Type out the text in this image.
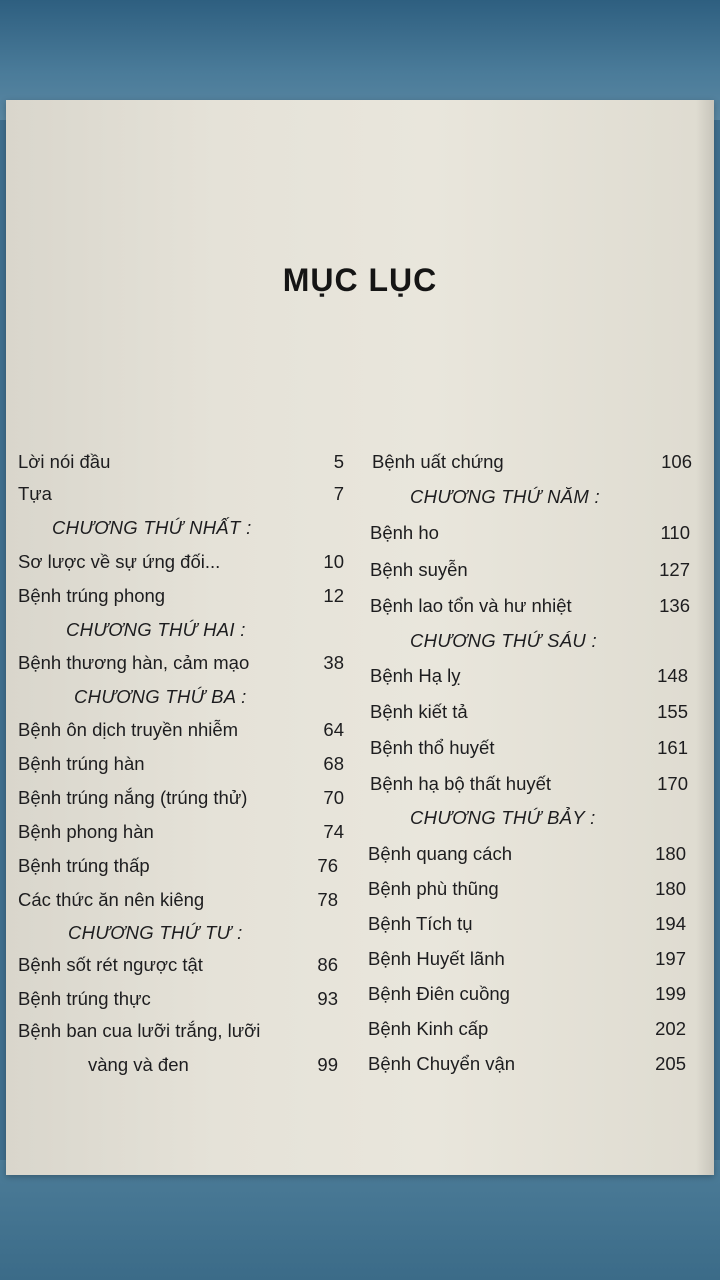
MỤC LỤC
Lời nói đầu	5
Tựa	7
CHƯƠNG THỨ NHẤT :
Sơ lược về sự ứng đối...	10
Bệnh trúng phong	12
CHƯƠNG THỨ HAI :
Bệnh thương hàn, cảm mạo	38
CHƯƠNG THỨ BA :
Bệnh ôn dịch truyền nhiễm	64
Bệnh trúng hàn	68
Bệnh trúng nắng (trúng thử)	70
Bệnh phong hàn	74
Bệnh trúng thấp	76
Các thức ăn nên kiêng	78
CHƯƠNG THỨ TƯ :
Bệnh sốt rét ngược tật	86
Bệnh trúng thực	93
Bệnh ban cua lưỡi trắng, lưỡi
vàng và đen	99
Bệnh uất chứng	106
CHƯƠNG THỨ NĂM :
Bệnh ho	110
Bệnh suyễn	127
Bệnh lao tổn và hư nhiệt	136
CHƯƠNG THỨ SÁU :
Bệnh Hạ lỵ	148
Bệnh kiết tả	155
Bệnh thổ huyết	161
Bệnh hạ bộ thất huyết	170
CHƯƠNG THỨ BẢY :
Bệnh quang cách	180
Bệnh phù thũng	180
Bệnh Tích tụ	194
Bệnh Huyết lãnh	197
Bệnh Điên cuồng	199
Bệnh Kinh cấp	202
Bệnh Chuyển vận	205
